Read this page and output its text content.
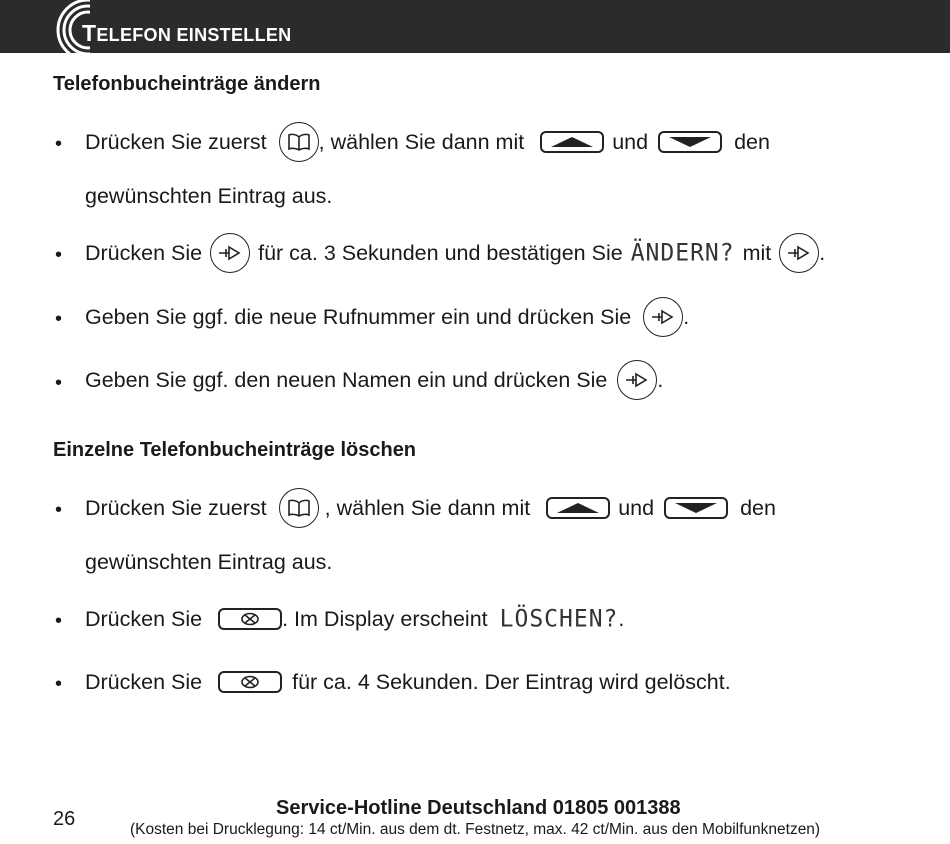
TELEFON EINSTELLEN
Telefonbucheinträge ändern
• Drücken Sie zuerst , wählen Sie dann mit	und	den
gewünschten Eintrag aus.
• Drücken Sie	für ca. 3 Sekunden und bestätigen Sie ÄNDERN? mit .
• Geben Sie ggf. die neue Rufnummer ein und drücken Sie .
• Geben Sie ggf. den neuen Namen ein und drücken Sie .
Einzelne Telefonbucheinträge löschen
• Drücken Sie zuerst	, wählen Sie dann mit	und	den
gewünschten Eintrag aus.
• Drücken Sie	. Im Display erscheint LÖSCHEN? .
• Drücken Sie	für ca. 4 Sekunden. Der Eintrag wird gelöscht.
26	Service-Hotline Deutschland 01805 001388
(Kosten bei Drucklegung: 14 ct/Min. aus dem dt. Festnetz, max. 42 ct/Min. aus den Mobilfunknetzen)
